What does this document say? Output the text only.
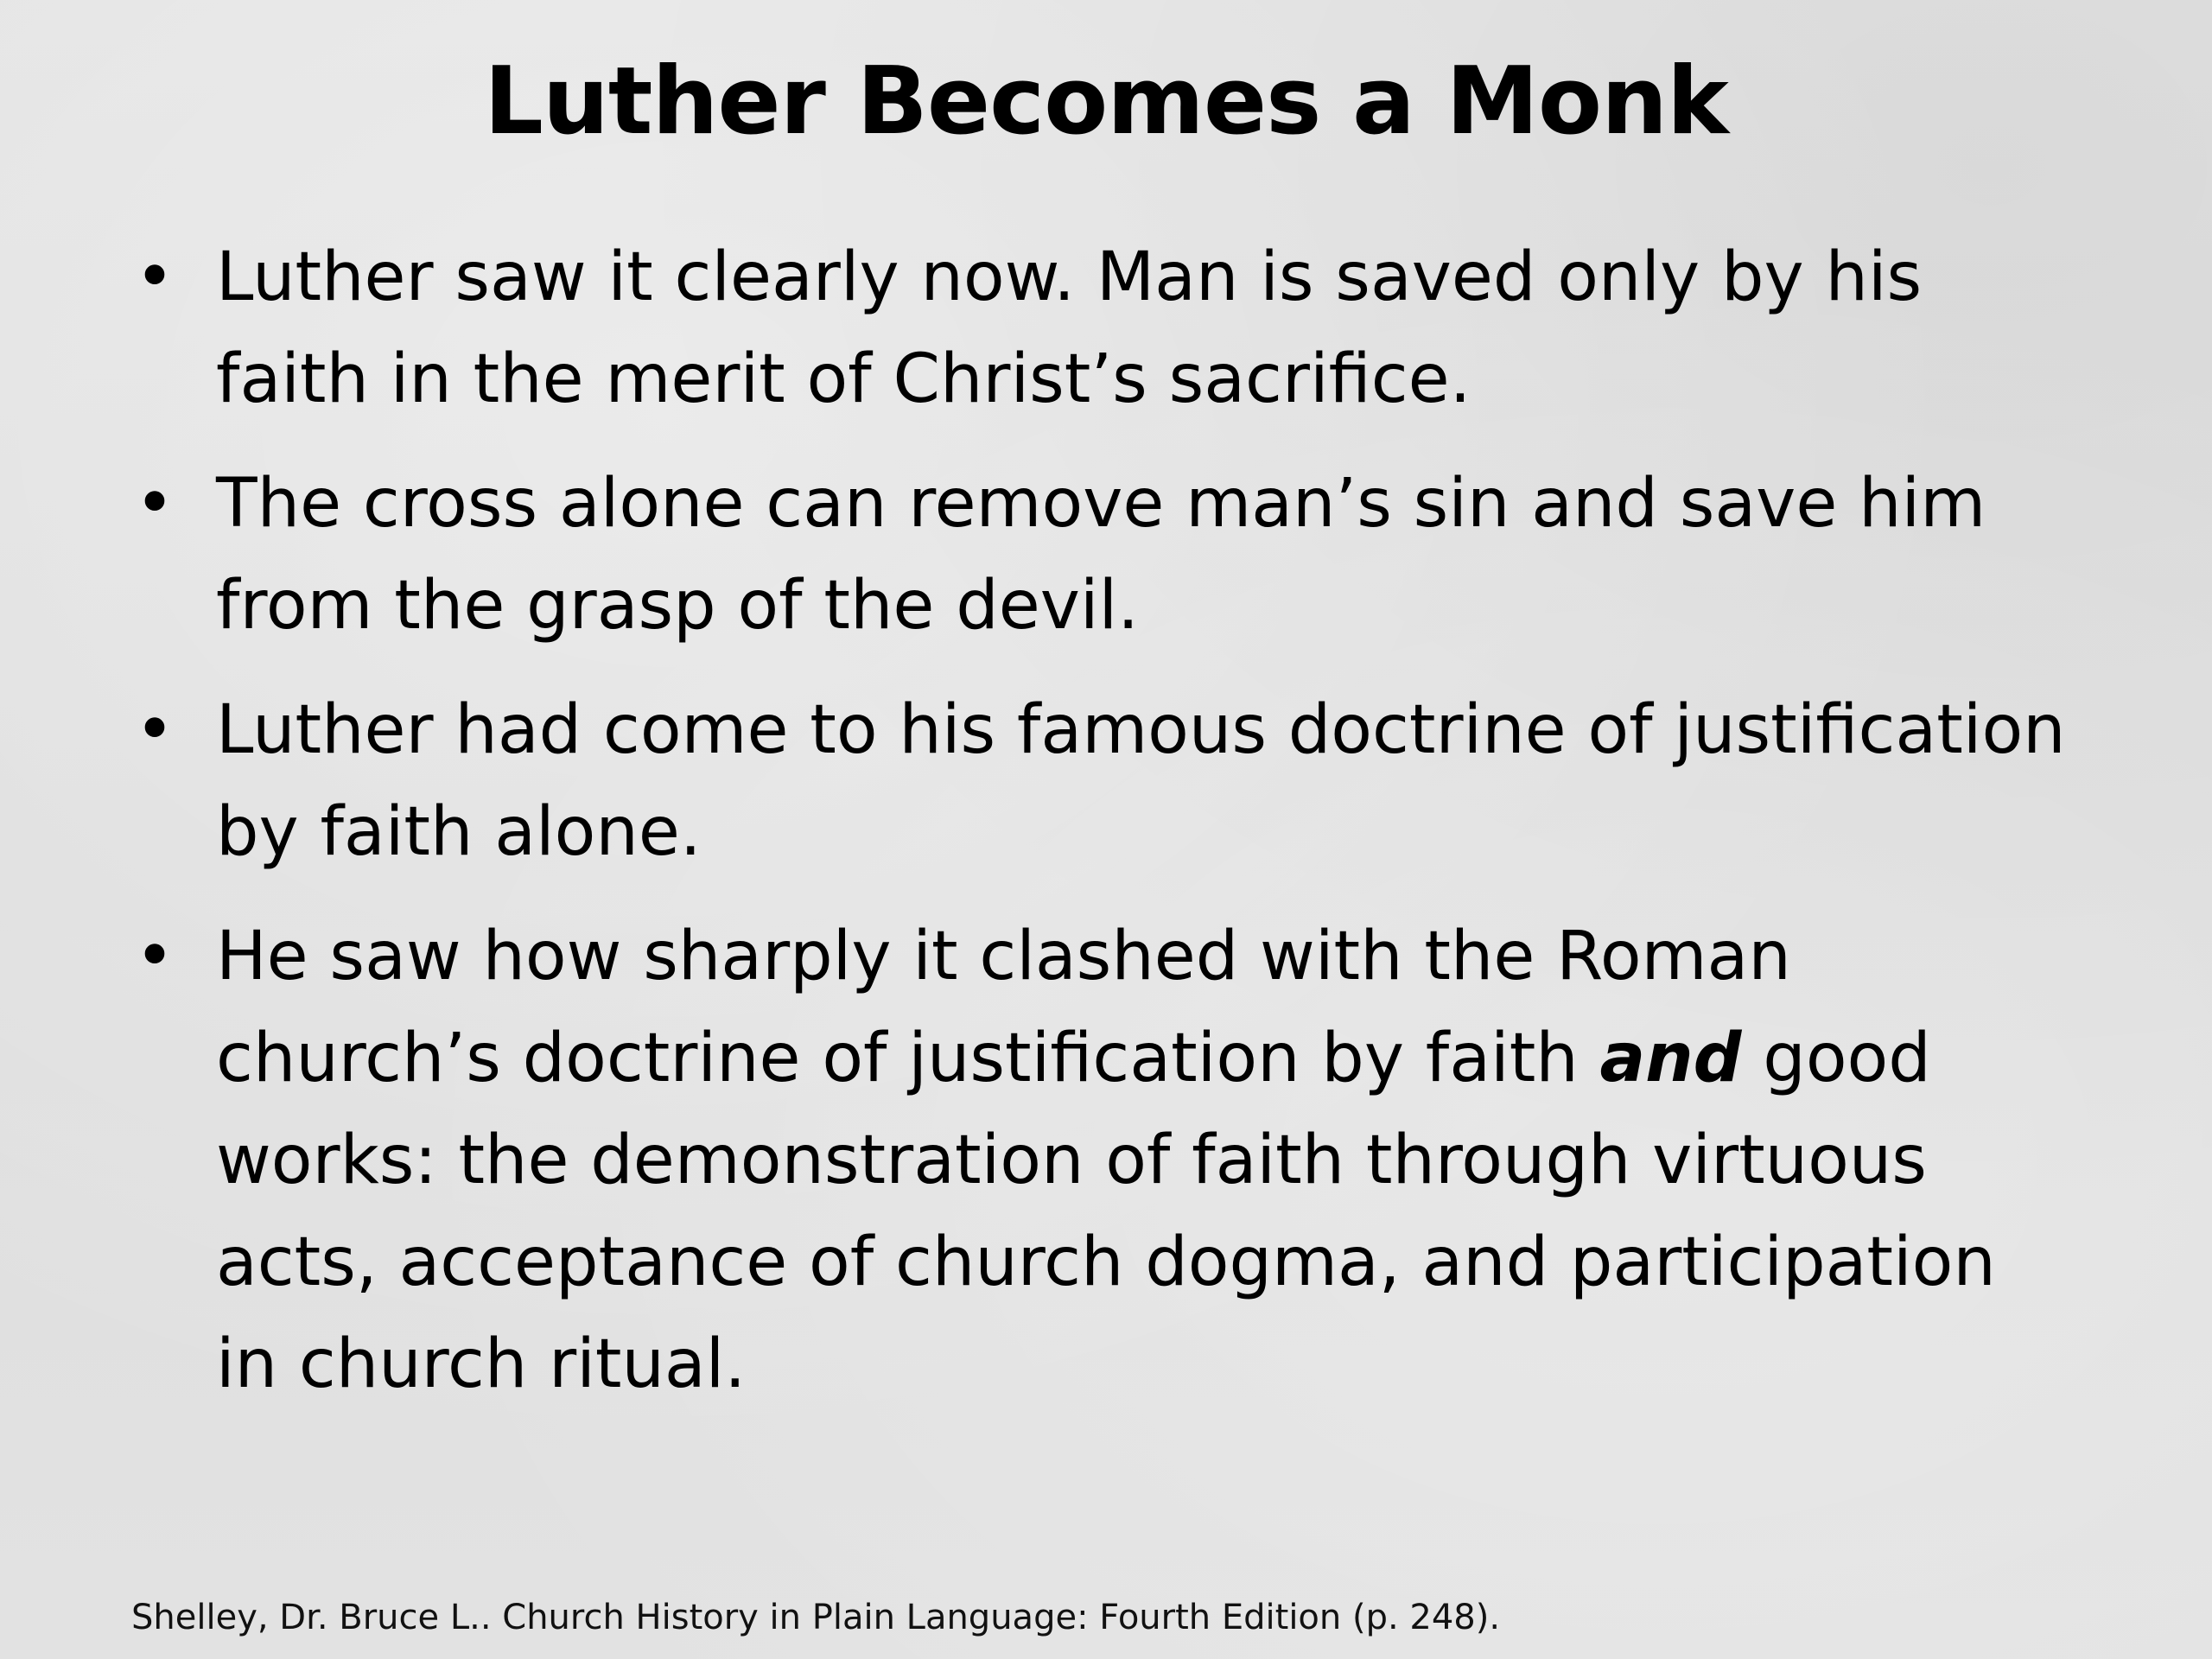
Luther Becomes a Monk
• Luther saw it clearly now. Man is saved only by his faith in the merit of Christ’s sacrifice.
• The cross alone can remove man’s sin and save him from the grasp of the devil.
• Luther had come to his famous doctrine of justification by faith alone.
• He saw how sharply it clashed with the Roman church’s doctrine of justification by faith and good works: the demonstration of faith through virtuous acts, acceptance of church dogma, and participation in church ritual.
Shelley, Dr. Bruce L.. Church History in Plain Language: Fourth Edition (p. 248).
